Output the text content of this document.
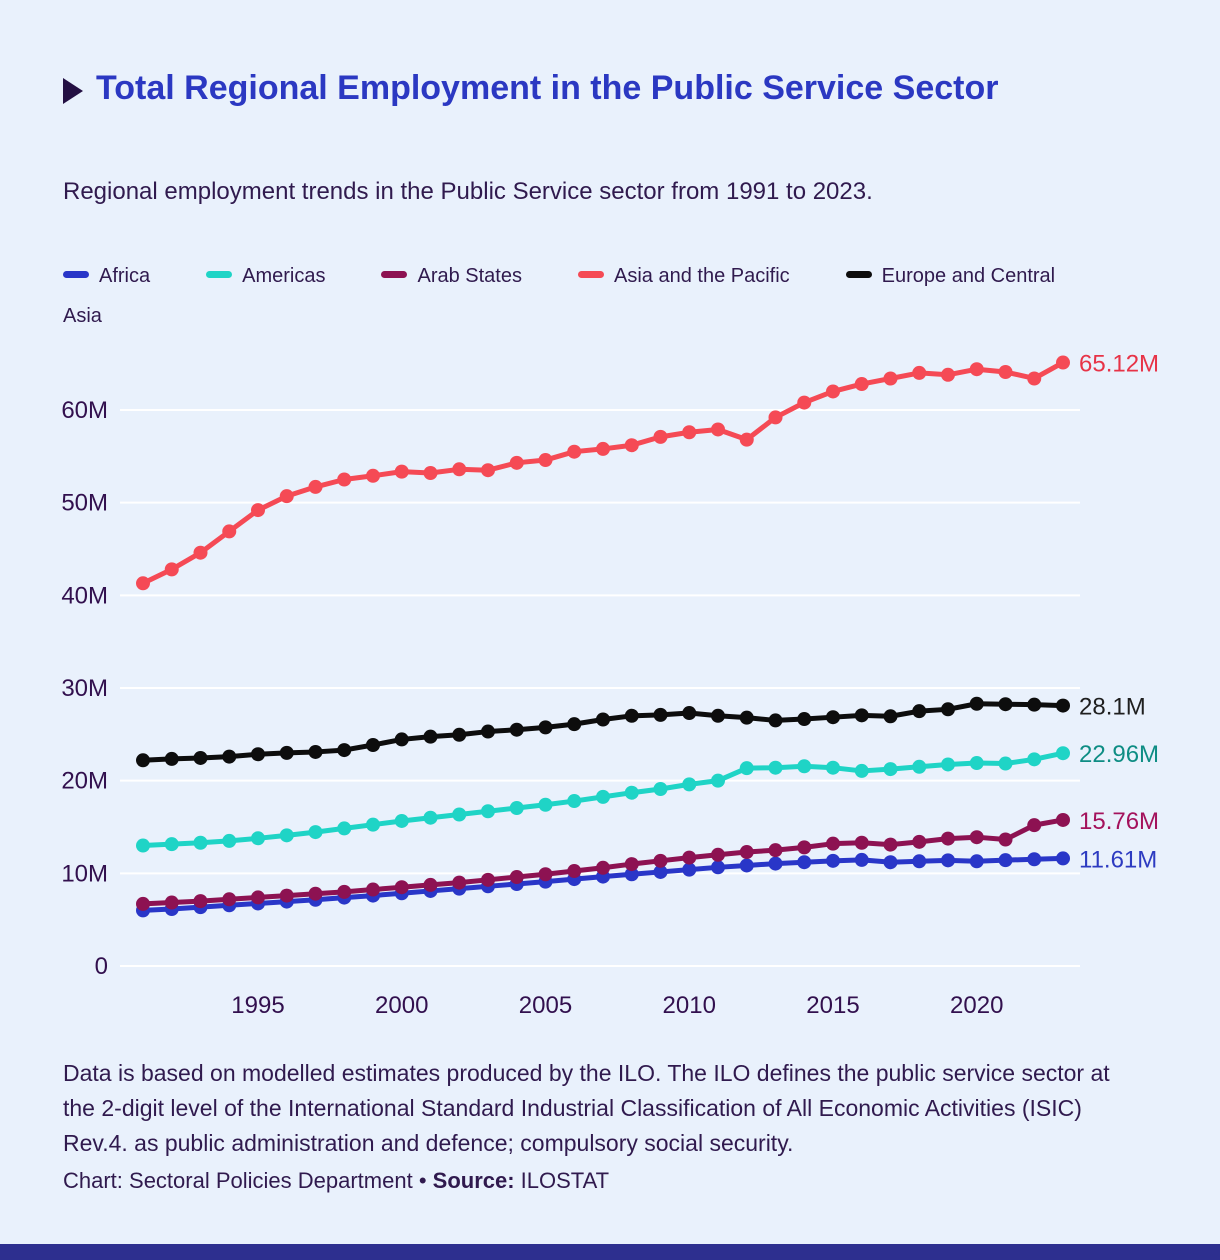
0
10M
20M
30M
40M
50M
60M
1995	2000	2005	2010	2015	2020
11.61M
22.96M
15.76M
65.12M
28.1M
Total Regional Employment in the Public Service Sector
Regional employment trends in the Public Service sector from 1991 to 2023.
Africa	Americas	Arab States	Asia and the Pacific	Europe and Central Asia
Data is based on modelled estimates produced by the ILO. The ILO defines the public service sector at the 2-digit level of the International Standard Industrial Classification of All Economic Activities (ISIC) Rev.4. as public administration and defence; compulsory social security.
Chart: Sectoral Policies Department • Source: ILOSTAT
